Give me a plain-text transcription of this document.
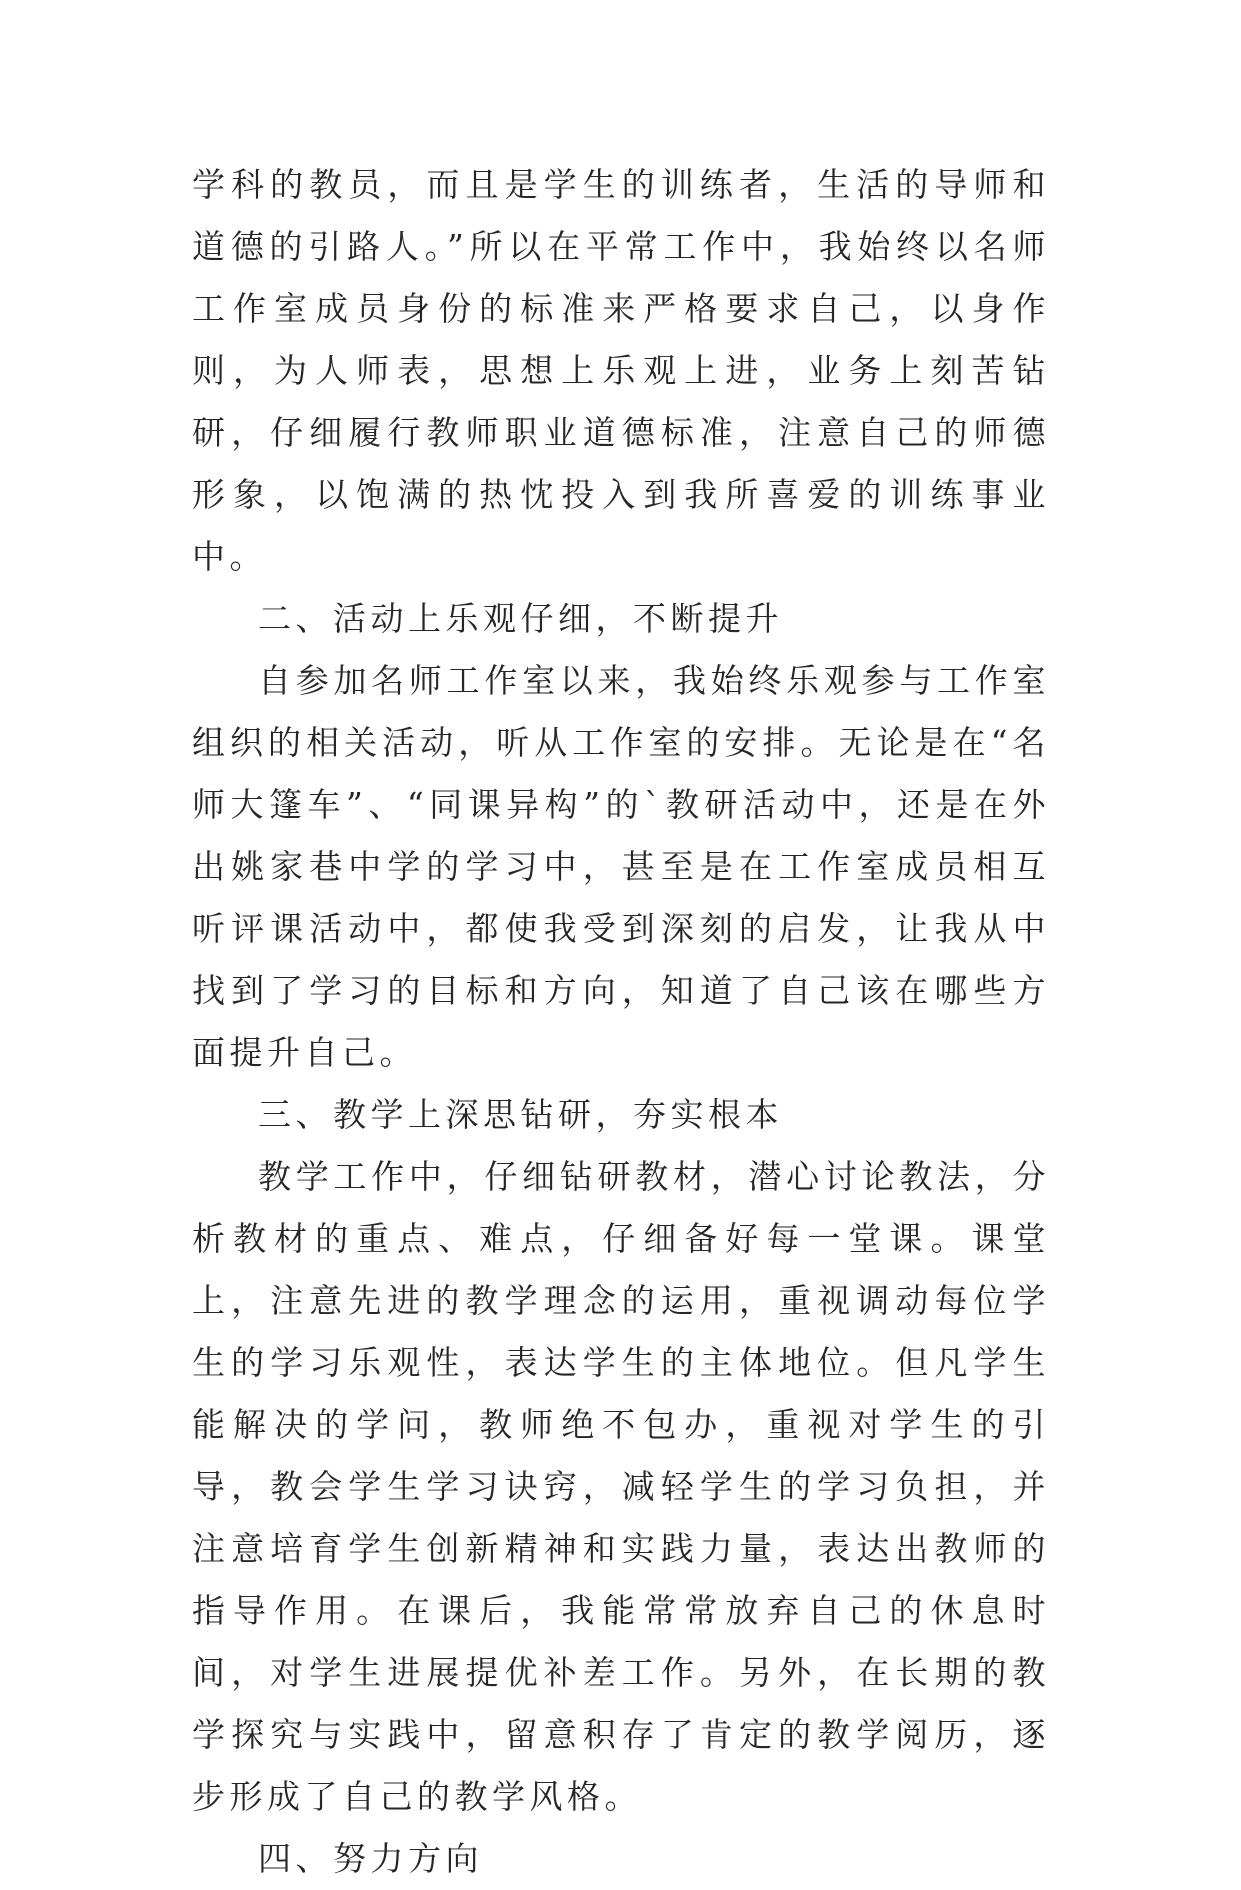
学科的教员，而且是学生的训练者，生活的导师和道德的引路人。”所以在平常工作中，我始终以名师工作室成员身份的标准来严格要求自己，以身作则，为人师表，思想上乐观上进，业务上刻苦钻研，仔细履行教师职业道德标准，注意自己的师德形象，以饱满的热忱投入到我所喜爱的训练事业中。

二、活动上乐观仔细，不断提升

自参加名师工作室以来，我始终乐观参与工作室组织的相关活动，听从工作室的安排。无论是在“名师大篷车”、“同课异构”的`教研活动中，还是在外出姚家巷中学的学习中，甚至是在工作室成员相互听评课活动中，都使我受到深刻的启发，让我从中找到了学习的目标和方向，知道了自己该在哪些方面提升自己。

三、教学上深思钻研，夯实根本

教学工作中，仔细钻研教材，潜心讨论教法，分析教材的重点、难点，仔细备好每一堂课。课堂上，注意先进的教学理念的运用，重视调动每位学生的学习乐观性，表达学生的主体地位。但凡学生能解决的学问，教师绝不包办，重视对学生的引导，教会学生学习诀窍，减轻学生的学习负担，并注意培育学生创新精神和实践力量，表达出教师的指导作用。在课后，我能常常放弃自己的休息时间，对学生进展提优补差工作。另外，在长期的教学探究与实践中，留意积存了肯定的教学阅历，逐步形成了自己的教学风格。

四、努力方向
